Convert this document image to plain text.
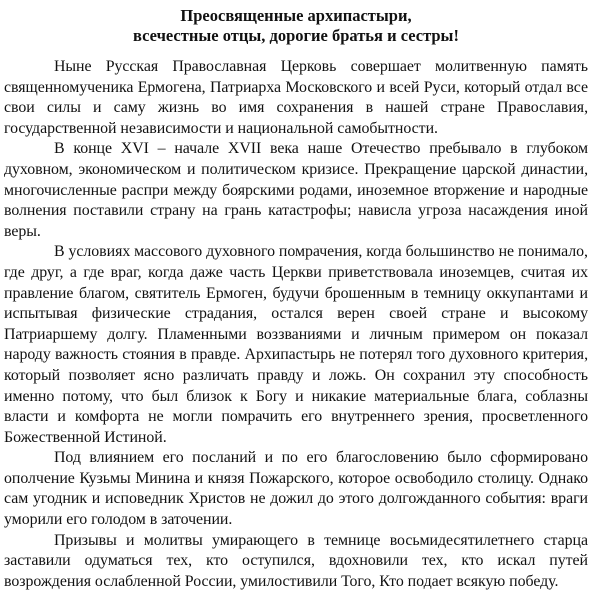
Преосвященные архипастыри,
всечестные отцы, дорогие братья и сестры!

Ныне Русская Православная Церковь совершает молитвенную память священномученика Ермогена, Патриарха Московского и всей Руси, который отдал все свои силы и саму жизнь во имя сохранения в нашей стране Православия, государственной независимости и национальной самобытности.

В конце XVI – начале XVII века наше Отечество пребывало в глубоком духовном, экономическом и политическом кризисе. Прекращение царской династии, многочисленные распри между боярскими родами, иноземное вторжение и народные волнения поставили страну на грань катастрофы; нависла угроза насаждения иной веры.

В условиях массового духовного помрачения, когда большинство не понимало, где друг, а где враг, когда даже часть Церкви приветствовала иноземцев, считая их правление благом, святитель Ермоген, будучи брошенным в темницу оккупантами и испытывая физические страдания, остался верен своей стране и высокому Патриаршему долгу. Пламенными воззваниями и личным примером он показал народу важность стояния в правде. Архипастырь не потерял того духовного критерия, который позволяет ясно различать правду и ложь. Он сохранил эту способность именно потому, что был близок к Богу и никакие материальные блага, соблазны власти и комфорта не могли помрачить его внутреннего зрения, просветленного Божественной Истиной.

Под влиянием его посланий и по его благословению было сформировано ополчение Кузьмы Минина и князя Пожарского, которое освободило столицу. Однако сам угодник и исповедник Христов не дожил до этого долгожданного события: враги уморили его голодом в заточении.

Призывы и молитвы умирающего в темнице восьмидесятилетнего старца заставили одуматься тех, кто оступился, вдохновили тех, кто искал путей возрождения ослабленной России, умилостивили Того, Кто подает всякую победу.
